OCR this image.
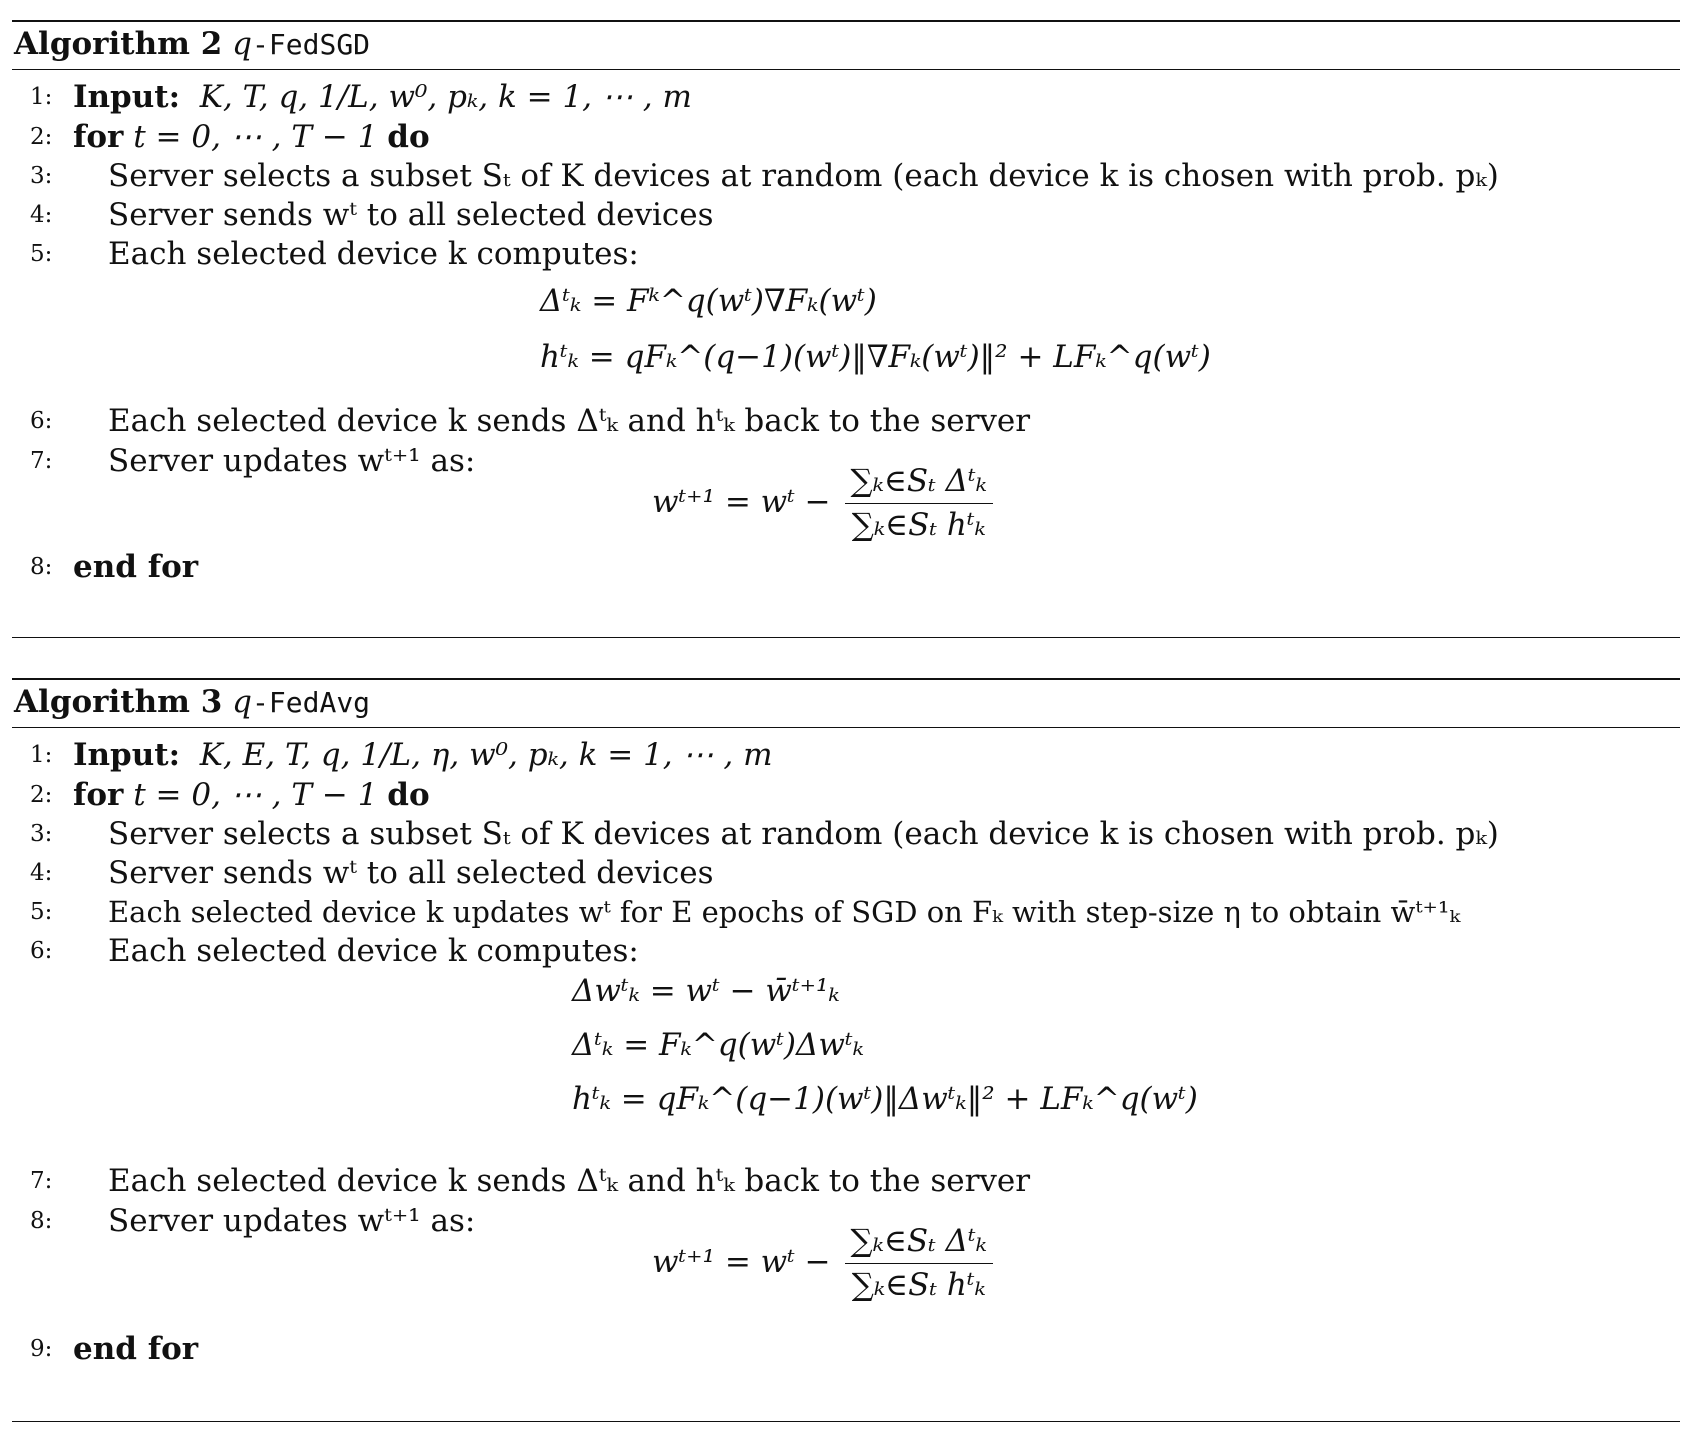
Algorithm 2 q-FedSGD
1: Input: K, T, q, 1/L, w⁰, pₖ, k = 1, ⋯ , m
2: for t = 0, ⋯ , T − 1 do
3:	Server selects a subset Sₜ of K devices at random (each device k is chosen with prob. pₖ)
4:	Server sends wᵗ to all selected devices
5:	Each selected device k computes:
Δᵗₖ = Fᵏ^q(wᵗ)∇Fₖ(wᵗ)
hᵗₖ = qFₖ^(q−1)(wᵗ)‖∇Fₖ(wᵗ)‖² + LFₖ^q(wᵗ)
6:	Each selected device k sends Δᵗₖ and hᵗₖ back to the server
7:	Server updates wᵗ⁺¹ as:
wᵗ⁺¹ = wᵗ − $\frac{\text{∑ₖ∈Sₜ Δᵗₖ}}{\text{∑ₖ∈Sₜ hᵗₖ}}$
8: end for
Algorithm 3 q-FedAvg
1: Input: K, E, T, q, 1/L, η, w⁰, pₖ, k = 1, ⋯ , m
2: for t = 0, ⋯ , T − 1 do
3:	Server selects a subset Sₜ of K devices at random (each device k is chosen with prob. pₖ)
4:	Server sends wᵗ to all selected devices
5:	Each selected device k updates wᵗ for E epochs of SGD on Fₖ with step-size η to obtain w̄ᵗ⁺¹ₖ
6:	Each selected device k computes:
Δwᵗₖ = wᵗ − w̄ᵗ⁺¹ₖ
Δᵗₖ = Fₖ^q(wᵗ)Δwᵗₖ
hᵗₖ = qFₖ^(q−1)(wᵗ)‖Δwᵗₖ‖² + LFₖ^q(wᵗ)
7:	Each selected device k sends Δᵗₖ and hᵗₖ back to the server
8:	Server updates wᵗ⁺¹ as:
wᵗ⁺¹ = wᵗ − $\frac{\text{∑ₖ∈Sₜ Δᵗₖ}}{\text{∑ₖ∈Sₜ hᵗₖ}}$
9: end for
